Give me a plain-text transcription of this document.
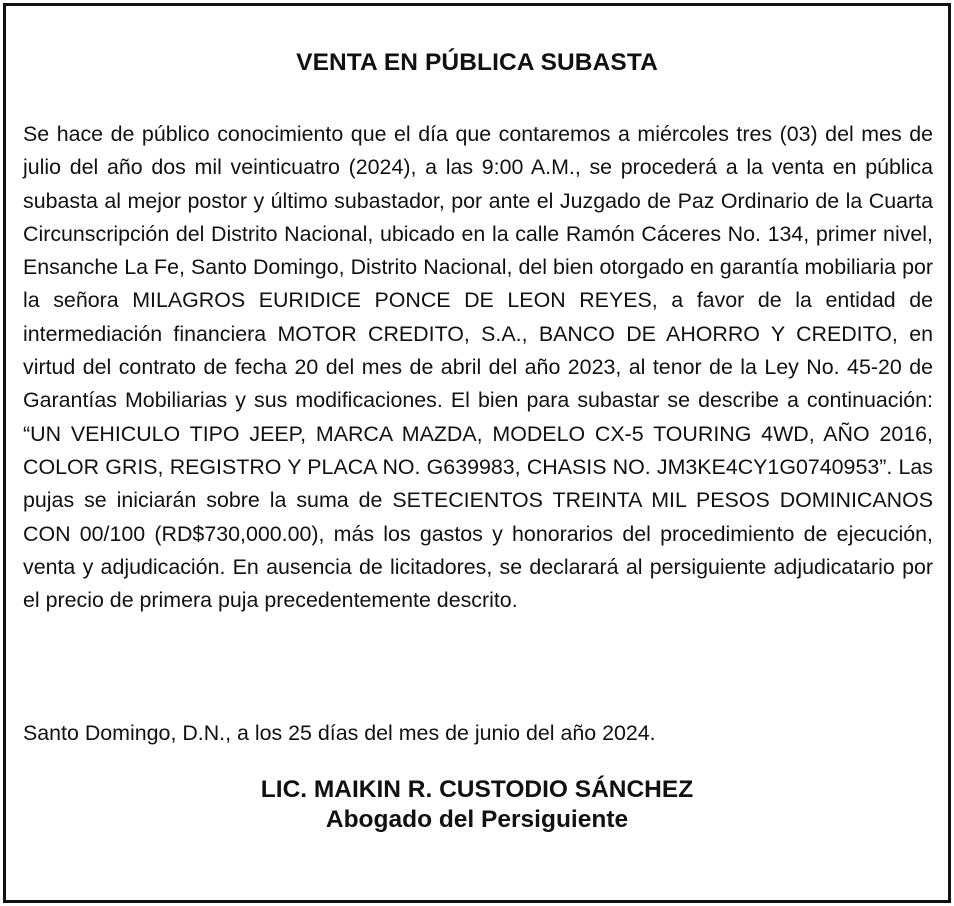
VENTA EN PÚBLICA SUBASTA

Se hace de público conocimiento que el día que contaremos a miércoles tres (03) del mes de julio del año dos mil veinticuatro (2024), a las 9:00 A.M., se procederá a la venta en pública subasta al mejor postor y último subastador, por ante el Juzgado de Paz Ordinario de la Cuarta Circunscripción del Distrito Nacional, ubicado en la calle Ramón Cáceres No. 134, primer nivel, Ensanche La Fe, Santo Domingo, Distrito Nacional, del bien otorgado en garantía mobiliaria por la señora MILAGROS EURIDICE PONCE DE LEON REYES, a favor de la entidad de intermediación financiera MOTOR CREDITO, S.A., BANCO DE AHORRO Y CREDITO, en virtud del contrato de fecha 20 del mes de abril del año 2023, al tenor de la Ley No. 45-20 de Garantías Mobiliarias y sus modificaciones. El bien para subastar se describe a continuación: “UN VEHICULO TIPO JEEP, MARCA MAZDA, MODELO CX-5 TOURING 4WD, AÑO 2016, COLOR GRIS, REGISTRO Y PLACA NO. G639983, CHASIS NO. JM3KE4CY1G0740953”. Las pujas se iniciarán sobre la suma de SETECIENTOS TREINTA MIL PESOS DOMINICANOS CON 00/100 (RD$730,000.00), más los gastos y honorarios del procedimiento de ejecución, venta y adjudicación. En ausencia de licitadores, se declarará al persiguiente adjudicatario por el precio de primera puja precedentemente descrito.

Santo Domingo, D.N., a los 25 días del mes de junio del año 2024.

LIC. MAIKIN R. CUSTODIO SÁNCHEZ
Abogado del Persiguiente
